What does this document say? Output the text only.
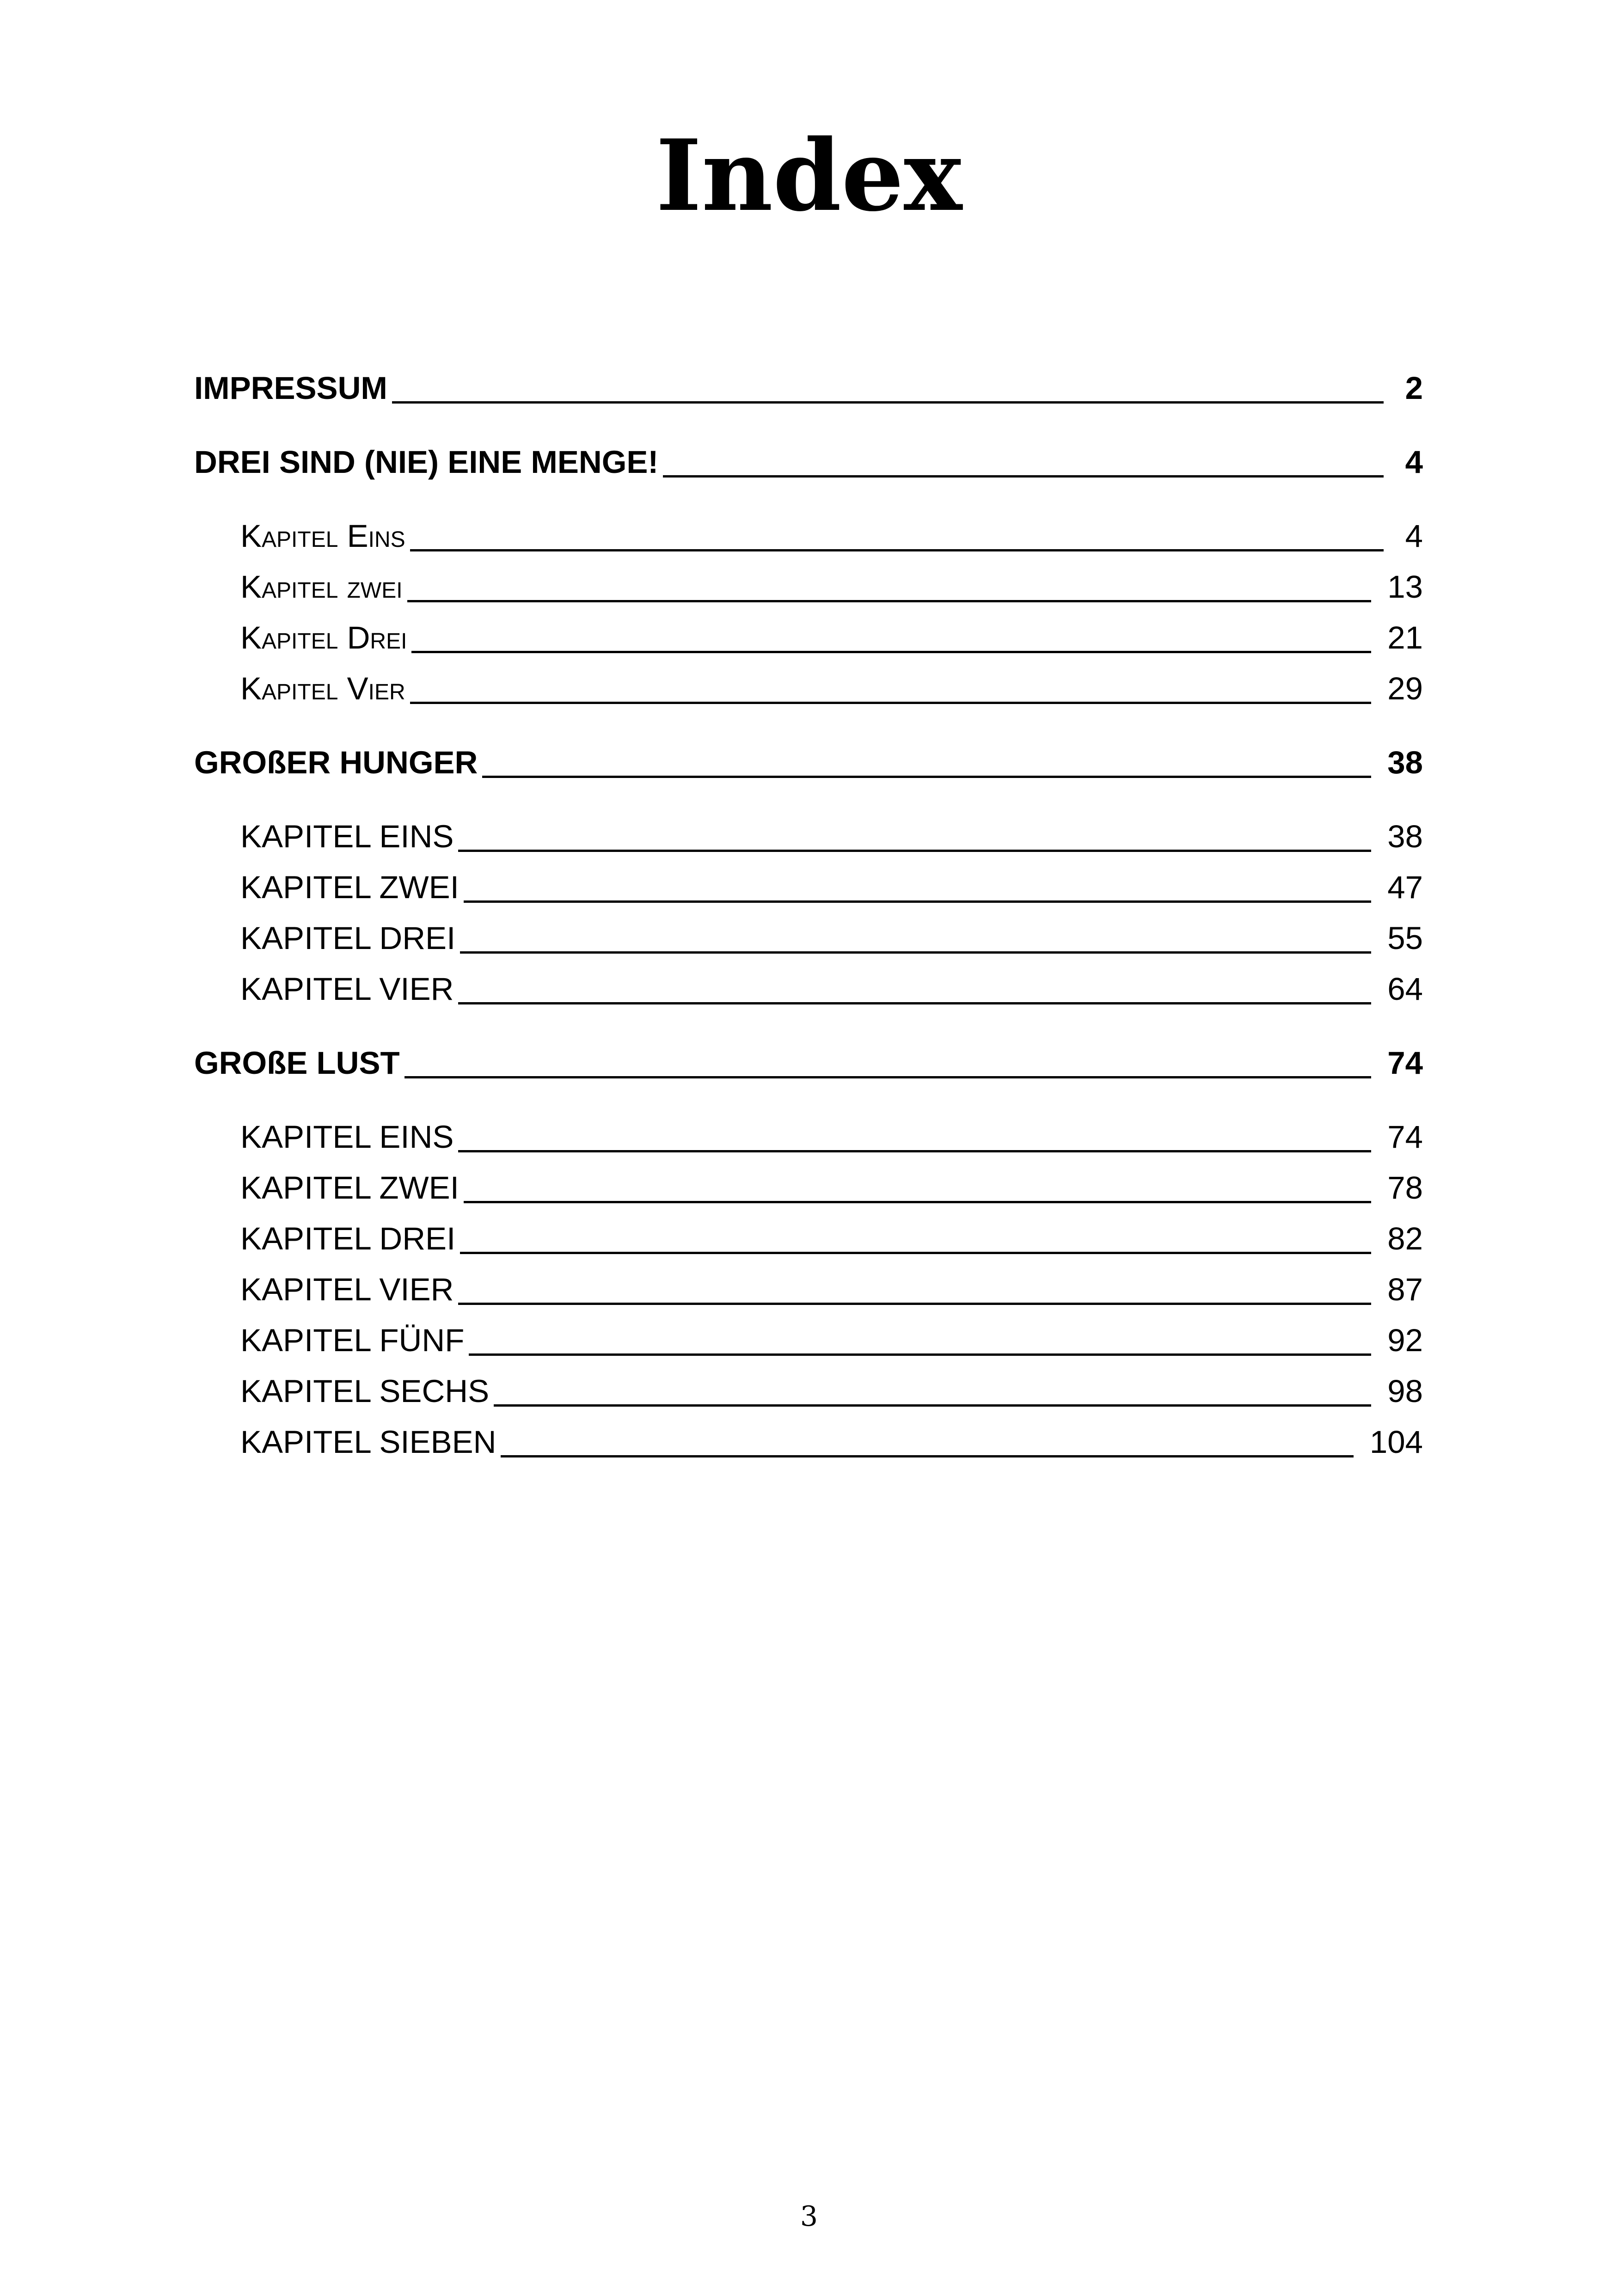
Index
IMPRESSUM	2
DREI SIND (NIE) EINE MENGE!	4
Kapitel Eins	4
Kapitel zwei	13
Kapitel Drei	21
Kapitel Vier	29
GROßER HUNGER	38
KAPITEL EINS	38
KAPITEL ZWEI	47
KAPITEL DREI	55
KAPITEL VIER	64
GROßE LUST	74
KAPITEL EINS	74
KAPITEL ZWEI	78
KAPITEL DREI	82
KAPITEL VIER	87
KAPITEL FÜNF	92
KAPITEL SECHS	98
KAPITEL SIEBEN	104
3
